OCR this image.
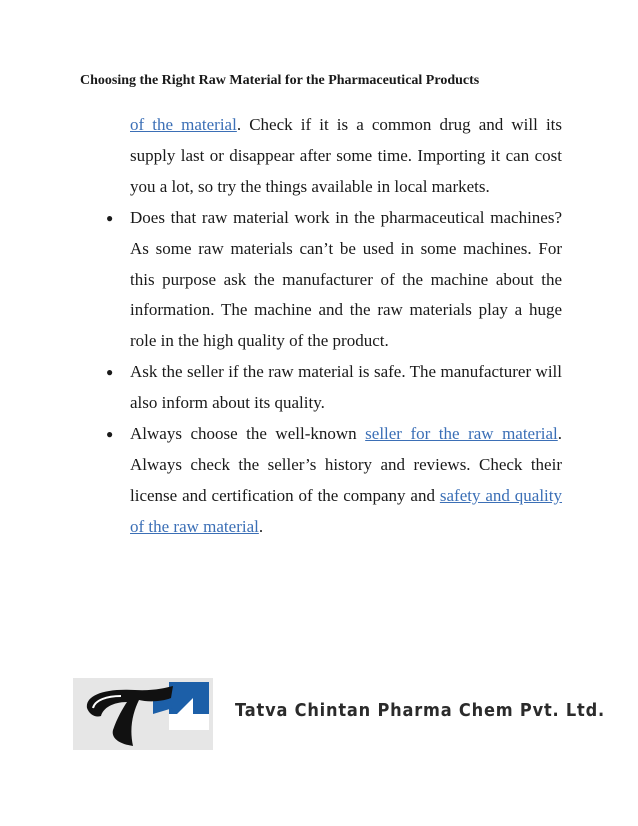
Choosing the Right Raw Material for the Pharmaceutical Products

of the material. Check if it is a common drug and will its supply last or disappear after some time. Importing it can cost you a lot, so try the things available in local markets.

● Does that raw material work in the pharmaceutical machines? As some raw materials can’t be used in some machines. For this purpose ask the manufacturer of the machine about the information. The machine and the raw materials play a huge role in the high quality of the product.

● Ask the seller if the raw material is safe. The manufacturer will also inform about its quality.

● Always choose the well-known seller for the raw material. Always check the seller’s history and reviews. Check their license and certification of the company and safety and quality of the raw material.

Tatva Chintan Pharma Chem Pvt. Ltd.
